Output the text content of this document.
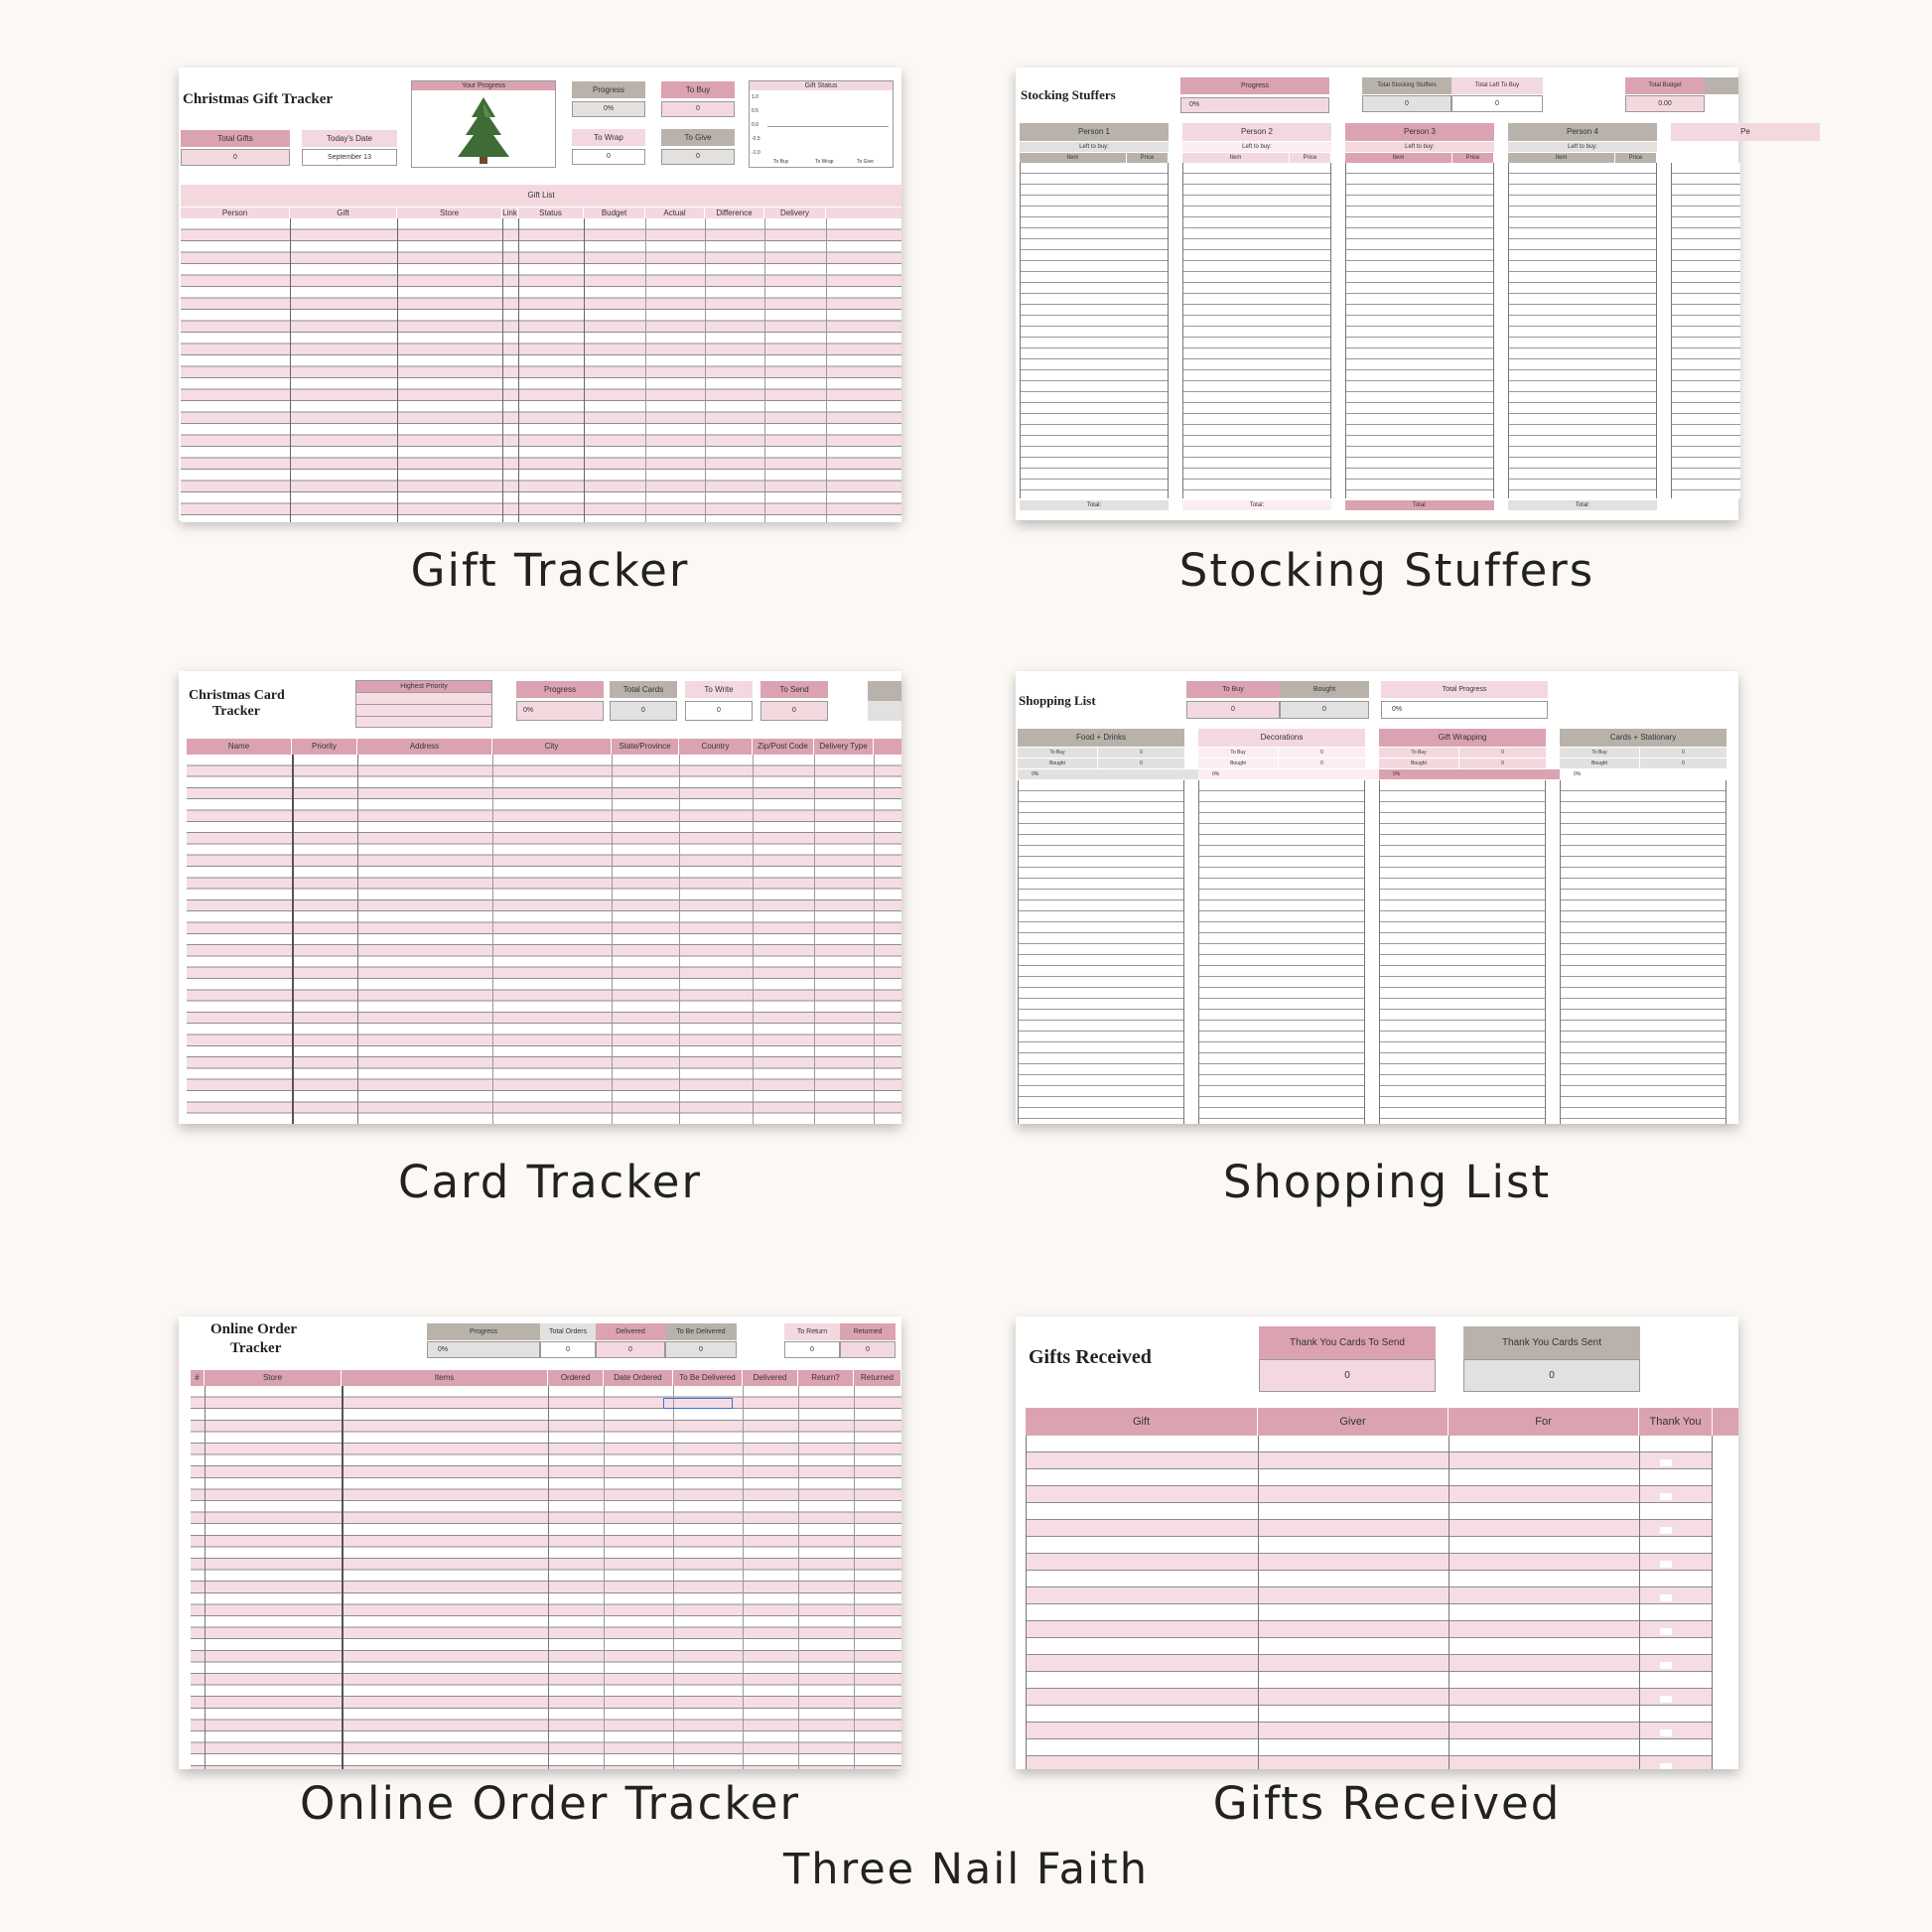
Christmas Gift Tracker
Total Gifts
0
Today's Date
September 13
Your Progress	Progress
0%
To Buy
0
To Wrap
0
To Give
0
Gift Status
1.0
0.5
0.0
-0.5
-1.0
To Buy	To Wrap	To Give
Gift List
Person	Gift	Store	Link	Status	Budget	Actual	Difference	Delivery
Gift Tracker
Stocking Stuffers
Progress
0%
Total Stocking Stuffers
0
Total Left To Buy
0
Total Budget
0.00
Person 1
Left to buy:
Item	Price
Total:
Person 2
Left to buy:
Item	Price
Total:
Person 3
Left to buy:
Item	Price
Total:
Person 4
Left to buy:
Item	Price
Total:
Pe
Stocking Stuffers
Christmas Card
Tracker
Highest Priority	Progress
0%
Total Cards
0
To Write
0
To Send
0
Name	Priority	Address	City	State/Province	Country	Zip/Post Code	Delivery Type
Card Tracker
Shopping List
To Buy
0
Bought
0
Total Progress
0%
Food + Drinks
To Buy	0
Bought	0
0%
Decorations
To Buy	0
Bought	0
0%
Gift Wrapping
To Buy	0
Bought	0
0%
Cards + Stationary
To Buy	0
Bought	0
0%
Shopping List
Online Order
Tracker
Progress
0%
Total Orders
0
Delivered
0
To Be Delivered
0
To Return
0
Returned
0
#	Store	Items	Ordered	Date Ordered	To Be Delivered	Delivered	Return?	Returned
Online Order Tracker
Gifts Received
Thank You Cards To Send
0
Thank You Cards Sent
0
Gift	Giver	For	Thank You
Gifts Received
Three Nail Faith
